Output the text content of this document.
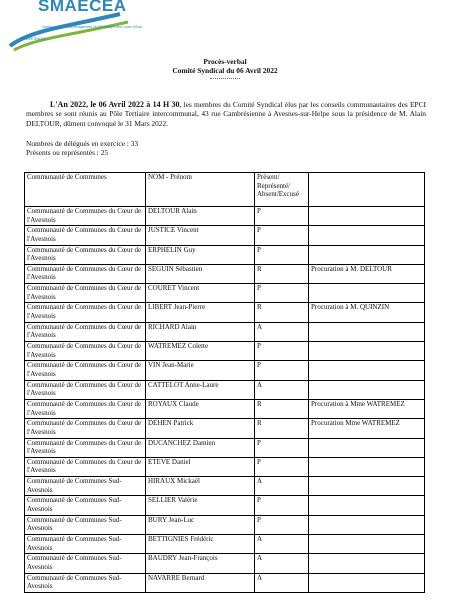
Syndicat Mixte d'Aménagement et d'Entretien des Cours d'Eau
AVESNOIS
SMAECEA
Procès-verbal
Comité Syndical du 06 Avril 2022
L'An 2022, le 06 Avril 2022 à 14 H 30, les membres du Comité Syndical élus par les conseils communautaires des EPCI membres se sont réunis au Pôle Tertiaire intercommunal, 43 rue Cambrésienne à Avesnes-sur-Helpe sous la présidence de M. Alain DELTOUR, dûment convoqué le 31 Mars 2022.
Nombres de délégués en exercice : 33
Présents ou représentés : 25
Communauté de Communes	NOM - Prénom	Présent/ Représenté/ Absent/Excusé	
Communauté de Communes du Cœur de l'Avesnois	DELTOUR Alain	P	
Communauté de Communes du Cœur de l'Avesnois	JUSTICE Vincent	P	
Communauté de Communes du Cœur de l'Avesnois	ERPHELIN Guy	P	
Communauté de Communes du Cœur de l'Avesnois	SEGUIN Sébastien	R	Procuration à M. DELTOUR
Communauté de Communes du Cœur de l'Avesnois	COURET Vincent	P	
Communauté de Communes du Cœur de l'Avesnois	LIBERT Jean-Pierre	R	Procuration à M. QUINZIN
Communauté de Communes du Cœur de l'Avesnois	RICHARD Alain	A	
Communauté de Communes du Cœur de l'Avesnois	WATREMEZ Colette	P	
Communauté de Communes du Cœur de l'Avesnois	VIN Jean-Marie	P	
Communauté de Communes du Cœur de l'Avesnois	CATTELOT Anne-Laure	A	
Communauté de Communes du Cœur de l'Avesnois	ROYAUX Claude	R	Procuration à Mme WATREMEZ
Communauté de Communes du Cœur de l'Avesnois	DEHEN Patrick	R	Procuration Mme WATREMEZ
Communauté de Communes du Cœur de l'Avesnois	DUCANCHEZ Damien	P	
Communauté de Communes du Cœur de l'Avesnois	ETEVE Daniel	P	
Communauté de Communes Sud-Avesnois	HIRAUX Mickaël	A	
Communauté de Communes Sud-Avesnois	SELLIER Valérie	P	
Communauté de Communes Sud-Avesnois	BURY Jean-Luc	P	
Communauté de Communes Sud-Avesnois	BETTIGNIES Frédéric	A	
Communauté de Communes Sud-Avesnois	BAUDRY Jean-François	A	
Communauté de Communes Sud-Avesnois	NAVARRE Bernard	A	
